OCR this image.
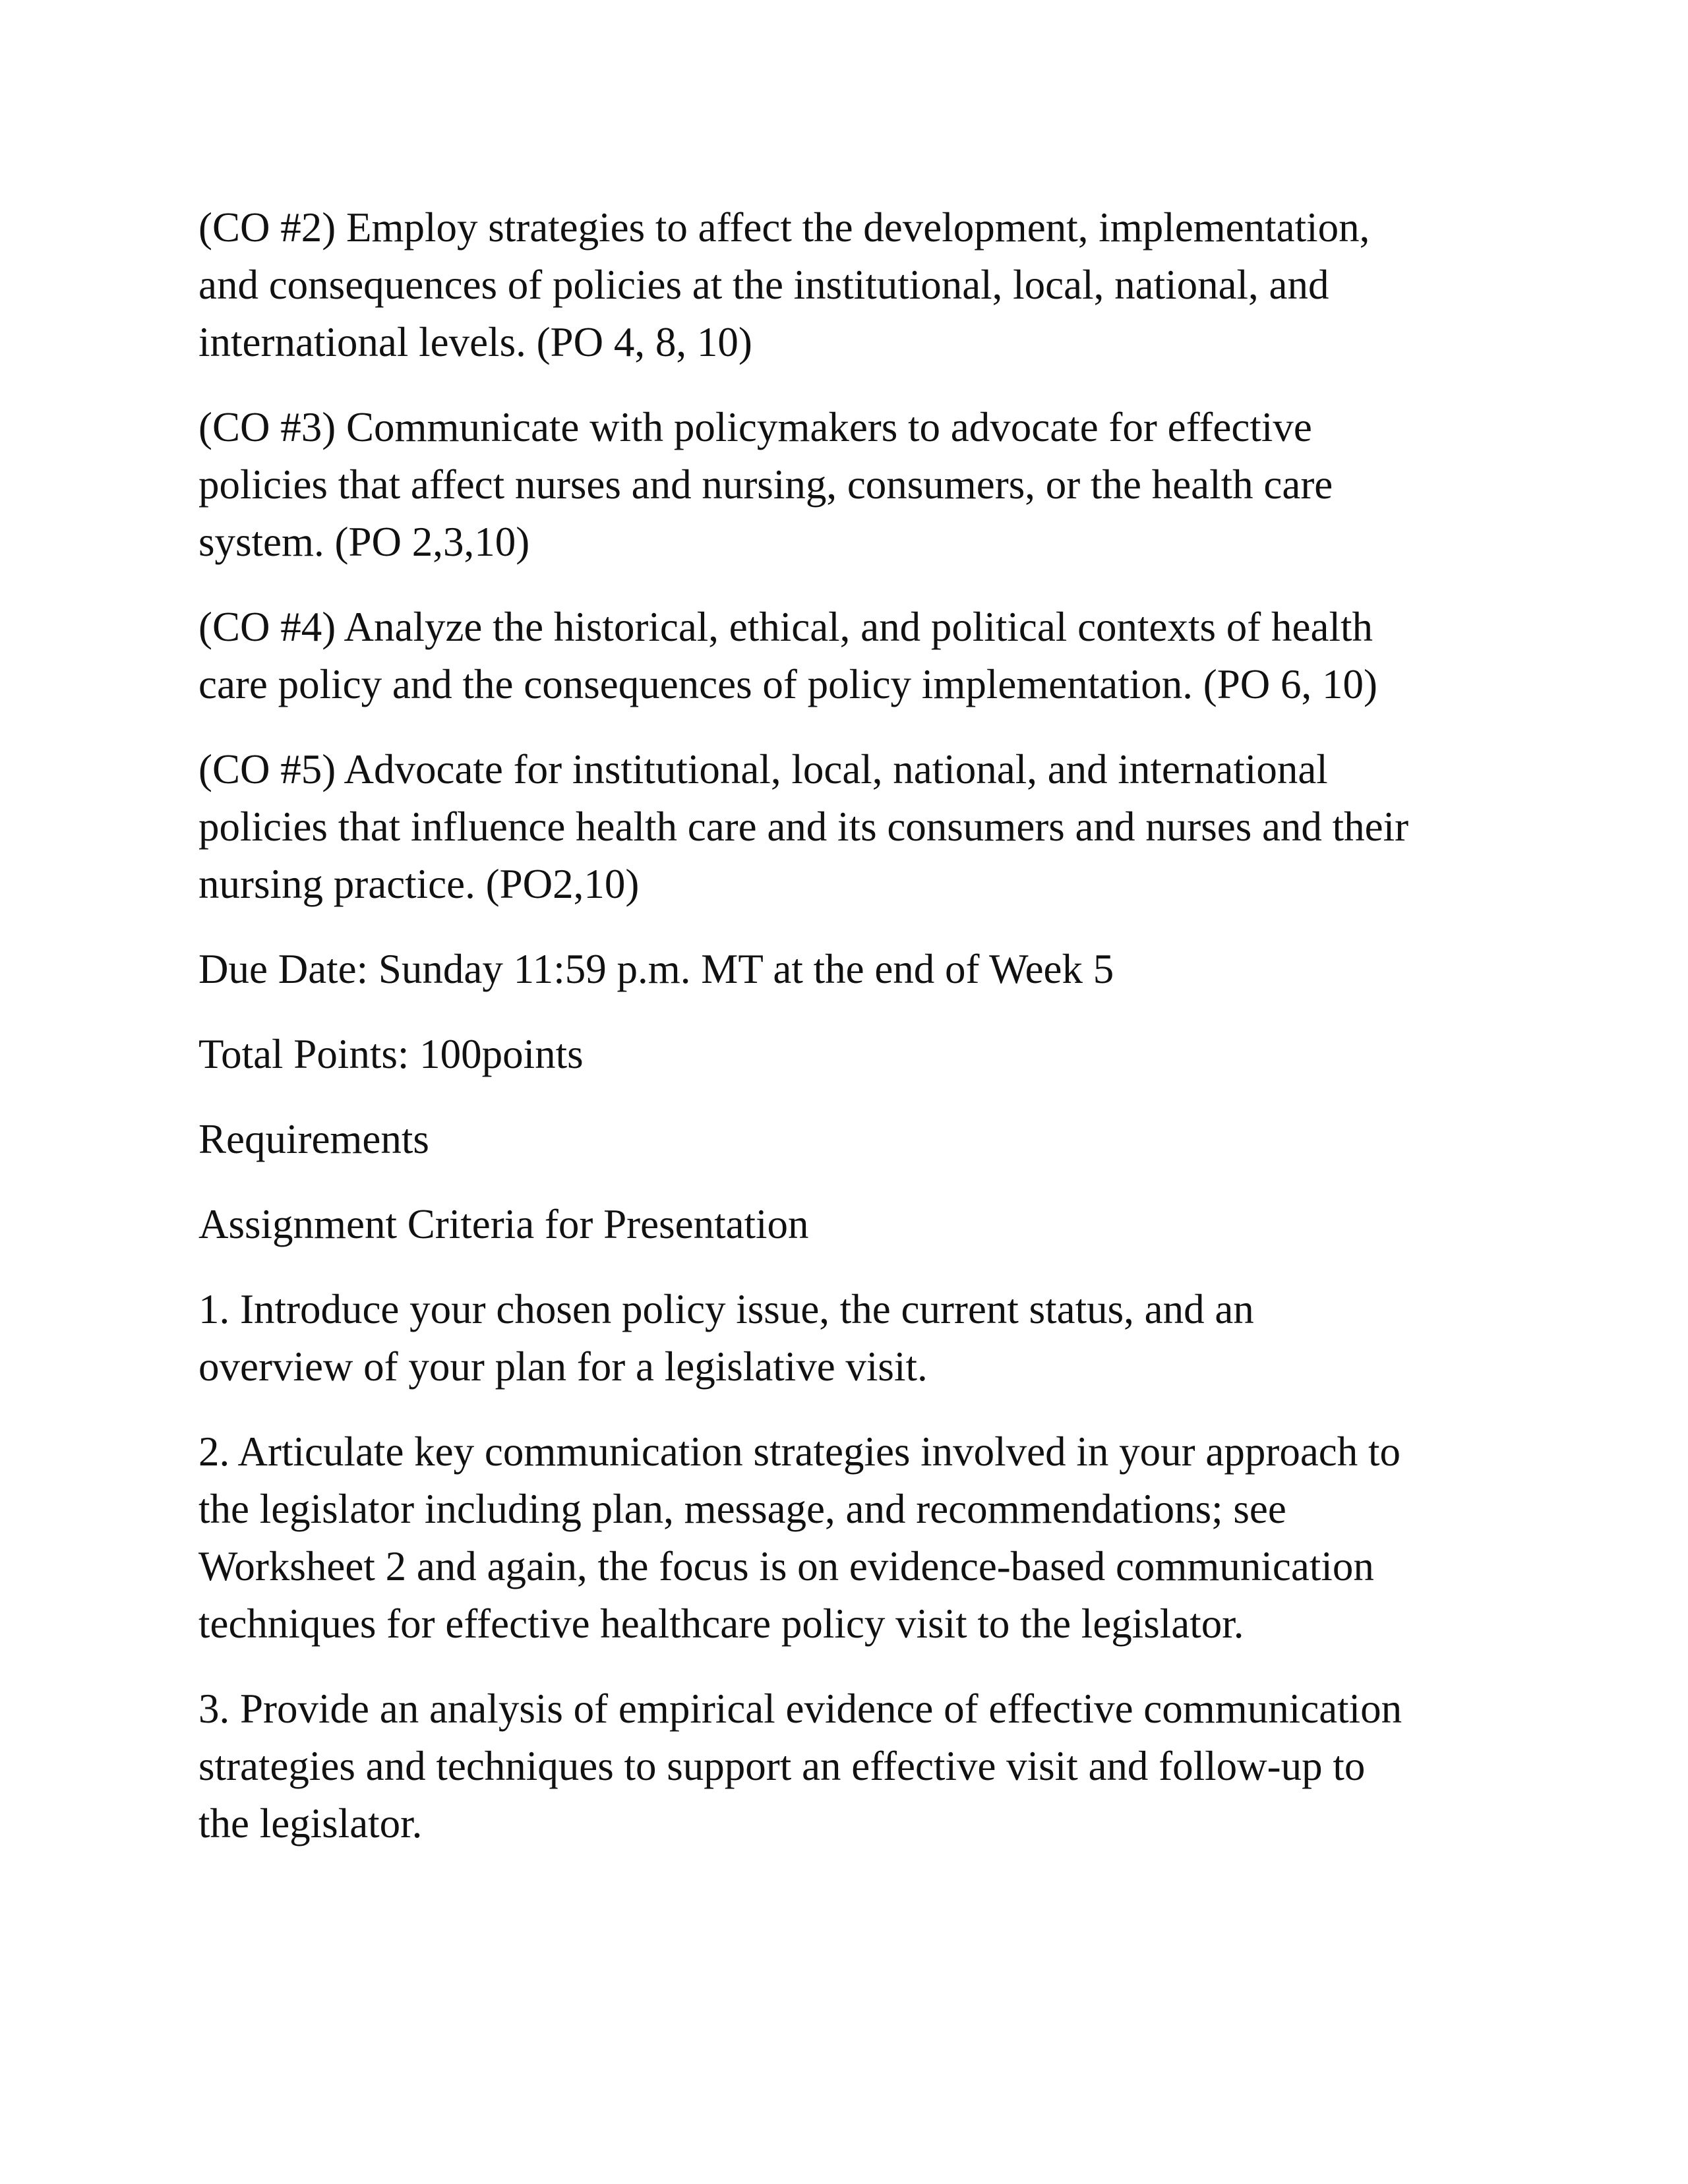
(CO #2) Employ strategies to affect the development, implementation,
and consequences of policies at the institutional, local, national, and
international levels. (PO 4, 8, 10)

(CO #3) Communicate with policymakers to advocate for effective
policies that affect nurses and nursing, consumers, or the health care
system. (PO 2,3,10)

(CO #4) Analyze the historical, ethical, and political contexts of health
care policy and the consequences of policy implementation. (PO 6, 10)

(CO #5) Advocate for institutional, local, national, and international
policies that influence health care and its consumers and nurses and their
nursing practice. (PO2,10)

Due Date: Sunday 11:59 p.m. MT at the end of Week 5

Total Points: 100points

Requirements

Assignment Criteria for Presentation

1. Introduce your chosen policy issue, the current status, and an
overview of your plan for a legislative visit.

2. Articulate key communication strategies involved in your approach to
the legislator including plan, message, and recommendations; see
Worksheet 2 and again, the focus is on evidence-based communication
techniques for effective healthcare policy visit to the legislator.

3. Provide an analysis of empirical evidence of effective communication
strategies and techniques to support an effective visit and follow-up to
the legislator.
